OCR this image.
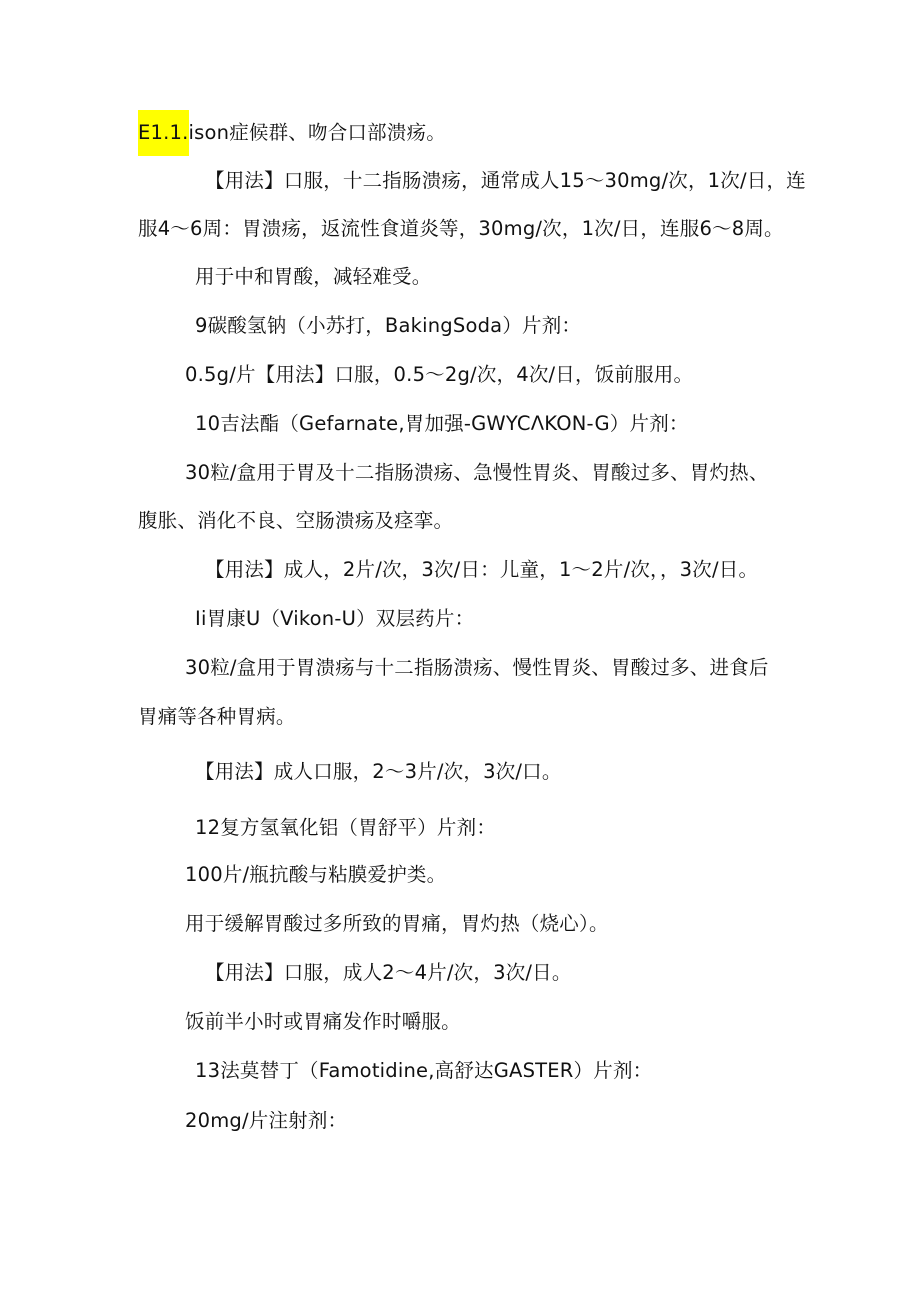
E1.1.ison症候群、吻合口部溃疡。
【用法】口服，十二指肠溃疡，通常成人15〜30mg∕次，1次/日，连
服4〜6周：胃溃疡，返流性食道炎等，30mg∕次，1次/日，连服6〜8周。
用于中和胃酸，减轻难受。
9碳酸氢钠（小苏打，BakingSoda）片剂：
0.5g∕片【用法】口服，0.5〜2g∕次，4次/日，饭前服用。
10吉法酯（Gefarnate,胃加强-GWYCΛKON-G）片剂：
30粒/盒用于胃及十二指肠溃疡、急慢性胃炎、胃酸过多、胃灼热、
腹胀、消化不良、空肠溃疡及痉挛。
【用法】成人，2片/次，3次/日：儿童，1〜2片/次，，3次/日。
Ii胃康U（Vikon-U）双层药片：
30粒/盒用于胃溃疡与十二指肠溃疡、慢性胃炎、胃酸过多、进食后
胃痛等各种胃病。
【用法】成人口服，2〜3片/次，3次/口。
12复方氢氧化铝（胃舒平）片剂：
100片/瓶抗酸与粘膜爱护类。
用于缓解胃酸过多所致的胃痛，胃灼热（烧心）。
【用法】口服，成人2〜4片/次，3次/日。
饭前半小时或胃痛发作时嚼服。
13法莫替丁（Famotidine,高舒达GASTER）片剂：
20mg∕片注射剂：
